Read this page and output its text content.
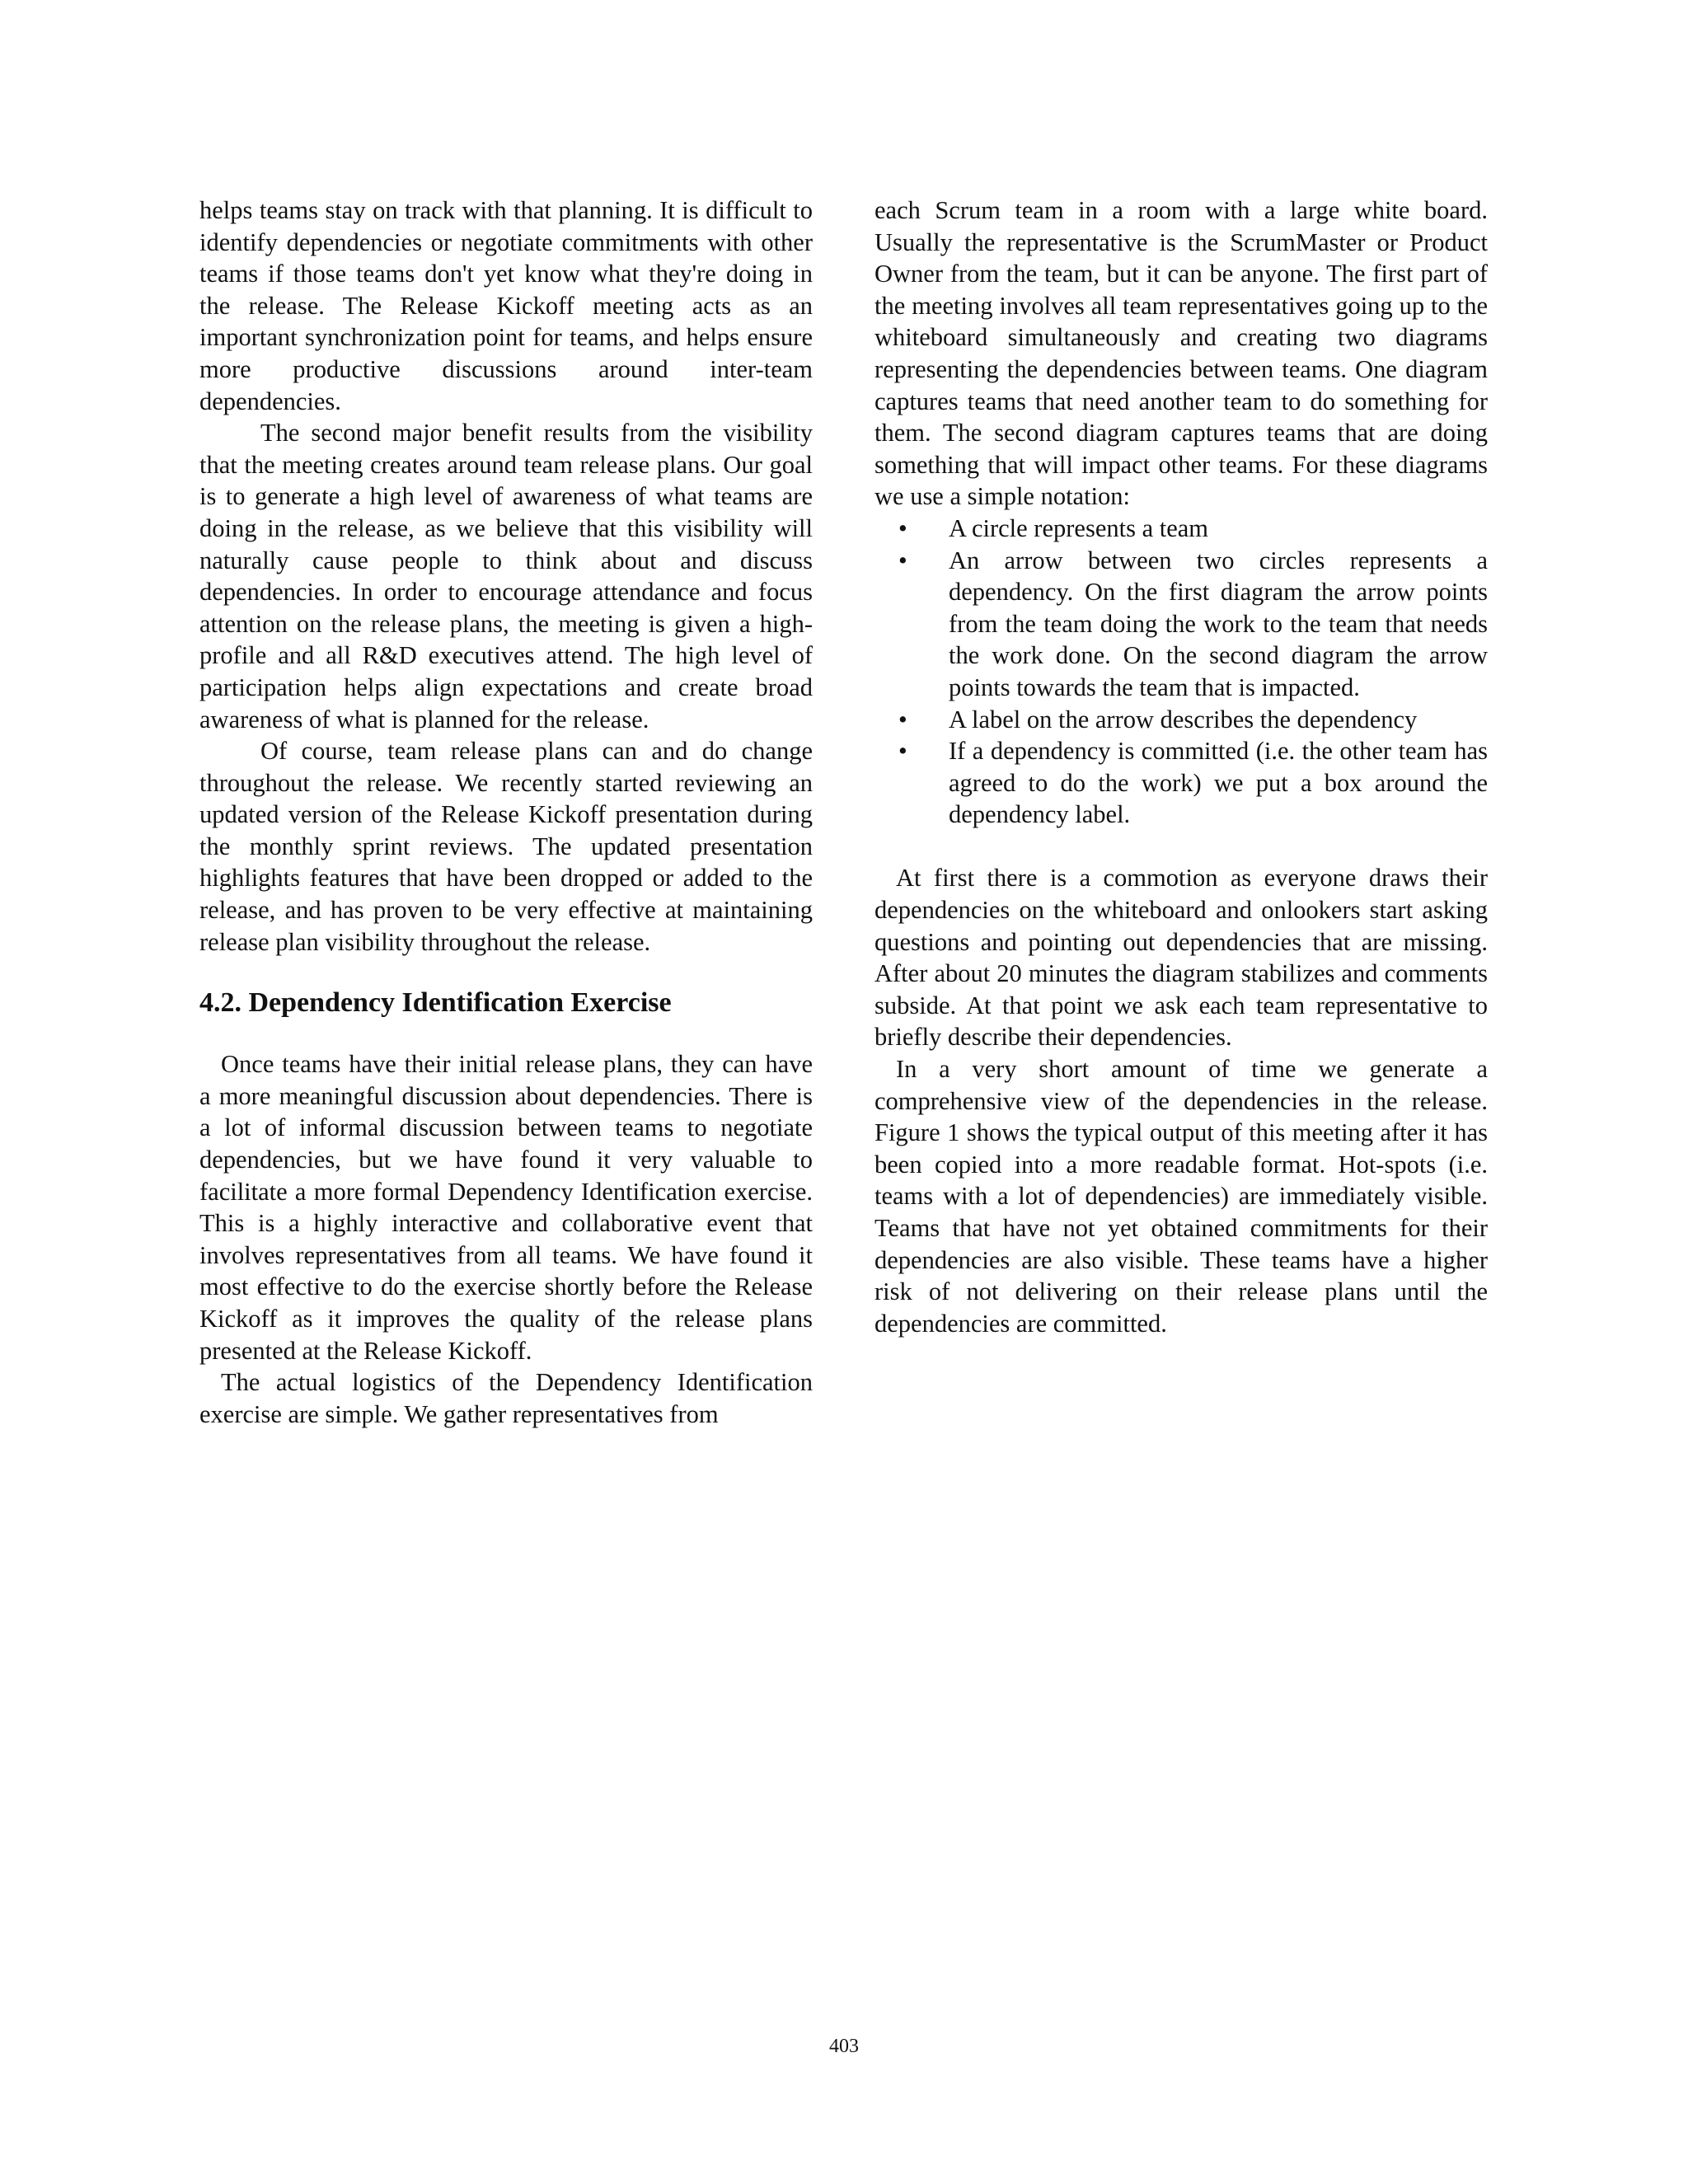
helps teams stay on track with that planning. It is difficult to identify dependencies or negotiate commitments with other teams if those teams don't yet know what they're doing in the release. The Release Kickoff meeting acts as an important synchronization point for teams, and helps ensure more productive discussions around inter-team dependencies.

The second major benefit results from the visibility that the meeting creates around team release plans. Our goal is to generate a high level of awareness of what teams are doing in the release, as we believe that this visibility will naturally cause people to think about and discuss dependencies. In order to encourage attendance and focus attention on the release plans, the meeting is given a high-profile and all R&D executives attend. The high level of participation helps align expectations and create broad awareness of what is planned for the release.

Of course, team release plans can and do change throughout the release. We recently started reviewing an updated version of the Release Kickoff presentation during the monthly sprint reviews. The updated presentation highlights features that have been dropped or added to the release, and has proven to be very effective at maintaining release plan visibility throughout the release.

4.2. Dependency Identification Exercise

Once teams have their initial release plans, they can have a more meaningful discussion about dependencies. There is a lot of informal discussion between teams to negotiate dependencies, but we have found it very valuable to facilitate a more formal Dependency Identification exercise. This is a highly interactive and collaborative event that involves representatives from all teams. We have found it most effective to do the exercise shortly before the Release Kickoff as it improves the quality of the release plans presented at the Release Kickoff.

The actual logistics of the Dependency Identification exercise are simple. We gather representatives from

each Scrum team in a room with a large white board. Usually the representative is the ScrumMaster or Product Owner from the team, but it can be anyone. The first part of the meeting involves all team representatives going up to the whiteboard simultaneously and creating two diagrams representing the dependencies between teams. One diagram captures teams that need another team to do something for them. The second diagram captures teams that are doing something that will impact other teams. For these diagrams we use a simple notation:

• A circle represents a team
• An arrow between two circles represents a dependency. On the first diagram the arrow points from the team doing the work to the team that needs the work done. On the second diagram the arrow points towards the team that is impacted.
• A label on the arrow describes the dependency
• If a dependency is committed (i.e. the other team has agreed to do the work) we put a box around the dependency label.

At first there is a commotion as everyone draws their dependencies on the whiteboard and onlookers start asking questions and pointing out dependencies that are missing. After about 20 minutes the diagram stabilizes and comments subside. At that point we ask each team representative to briefly describe their dependencies.

In a very short amount of time we generate a comprehensive view of the dependencies in the release. Figure 1 shows the typical output of this meeting after it has been copied into a more readable format. Hot-spots (i.e. teams with a lot of dependencies) are immediately visible. Teams that have not yet obtained commitments for their dependencies are also visible. These teams have a higher risk of not delivering on their release plans until the dependencies are committed.

403
